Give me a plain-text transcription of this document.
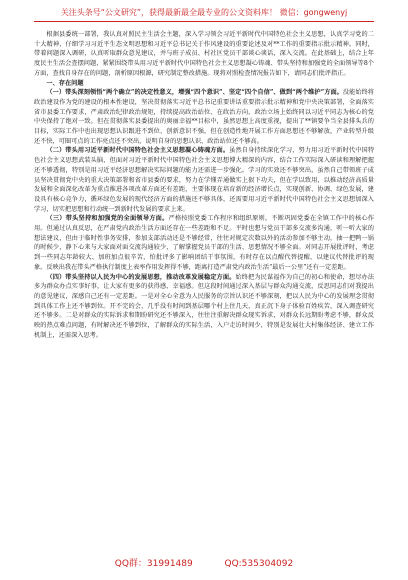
关注头条号“公文研究”，获得最新最全最专业的公文资料库！ 微信：gongwenyj

根据县委统一部署，我认真对照民主生活会主题，深入学习领会习近平新时代中国特色社会主义思想，认真学习党的二十大精神，仔细学习习近平生态文明思想和习近平总书记关于作风建设的重要论述及对**工作的重要指示批示精神。同时，带着问题深入调研，认真听取群众意见建议，并与班子成员、村社区党员干部谈心谈话，深入交流。在此基础上，结合上年度民主生活会查摆问题，紧紧围绕带头用习近平新时代中国特色社会主义思想凝心铸魂、带头坚持和加强党的全面领导等8个方面，查找自身存在的问题，剖析原因根源，研究制定整改措施。现将对照检查情况报告如下，请同志们批评指正。

一、存在问题

（一）带头深刻领悟“两个确立”的决定性意义，增强“四个意识”、坚定“四个自信”、做到“两个维护”方面。没能始终将政治建设作为党的建设的根本性建设，坚决贯彻落实习近平总书记重要讲话重要指示批示精神和党中央决策部署，全面落实省市县委工作要求，严肃政治纪律政治规矩，持续提高政治站位、在政治方向、政治立场上始终同以习近平同志为核心的党中央保持了绝对一致。但在贯彻落实县委提出的奥丽幸福**目标中，虽然思想上高度重视，提出了**镇要争当全县排头兵的目标，实际工作中也出现思想认识跟进不到位、创新意识不强，但在创造性地开展工作方面思想还不够解放，产业转型升级还不快，可圈可点的工作亮点还不突出，说明自身的思想认识、政治站位还不够高。

（二）带头用习近平新时代中国特色社会主义思想凝心铸魂方面。虽然自身持续深化学习，努力用习近平新时代中国特色社会主义思想武装头脑，但面对习近平新时代中国特色社会主义思想博大精深的内容，结合工作实际深入研读和理解把握还不够透彻，特别是用习近平经济思想解决实际问题的能力还需进一步强化。学习的实效还不够突出，虽然自己带领班子成员坚决贯彻党中央的重大决策部署和省市县委的要求，努力在学懂弄通做实上狠下功夫，但在学以致用，以推动经济高质量发展和全面深化改革为重点推进各项改革方面还有差距，主要体现在培育新的经济增长点，实现创新、协调、绿色发展，建设具有核心竞争力，循环绿色发展的现代经济方面的措施还不够具体，还需要用习近平新时代中国特色社会主义思想加深入学习，切实把思想和行动统一到新时代发展的要求上来。

（三）带头坚持和加强党的全面领导方面。严格按照党委工作程序和组织原则，不断巩固党委在全镇工作中的核心作用。但通过认真反思，在严肃党内政治生活方面还存在一些差距和不足。平时也想与党员干部多交流多沟通，听一听大家的想法建议，但由于临时性事务安排，参加支部活动还是不够经常，往往对规定次数以外的活动参加不够主动，抽一把鸭一锅的时候少，静下心来与大家面对面交流沟通较少，了解掌握党员干部的生活、思想情况不够全面。对同志开展批评时，考虑到一些同志年龄较大、加班加点很辛苦，怕批评多了影响团结干事氛围，有时存在以点醒代替提醒、以建议代替批评的现象。反映出我在带头严格执行制度上表率作用发挥得不够，距离打造严肃党内政治生活“最后一公里”还有一定差距。

（四）带头坚持以人民为中心的发展思想，推动改革发展稳定方面。始终把为民谋福作为自己的初心和使命，想尽办法多为群众办点实事好事，让大家有更多的获得感、幸福感。但这段时间通过深入基层与群众沟通交流，反思同志们对我提出的意见建议，深感自己还有一定差距。一是对全心全意为人民服务的宗旨认识还不够深刻，把以人民为中心的发展理念贯彻到具体工作上还不够到位。开不完的会，几乎没有时间到基层哪个村上住几天，真正沉下身子体验百姓疾苦，深入调查研究还不够多。二是对群众的实际诉求和期盼研究还不够深入，往往注重解决群众现实诉求，对群众长远期盼考虑不够，群众反映的热点难点问题，有时解决还不够到位，了解群众的实际生活，入户走访时间少，特别是发展壮大村集体经济、建立工作机制上，还需深入思考。

QQ群：31991489	QQ:535304092
